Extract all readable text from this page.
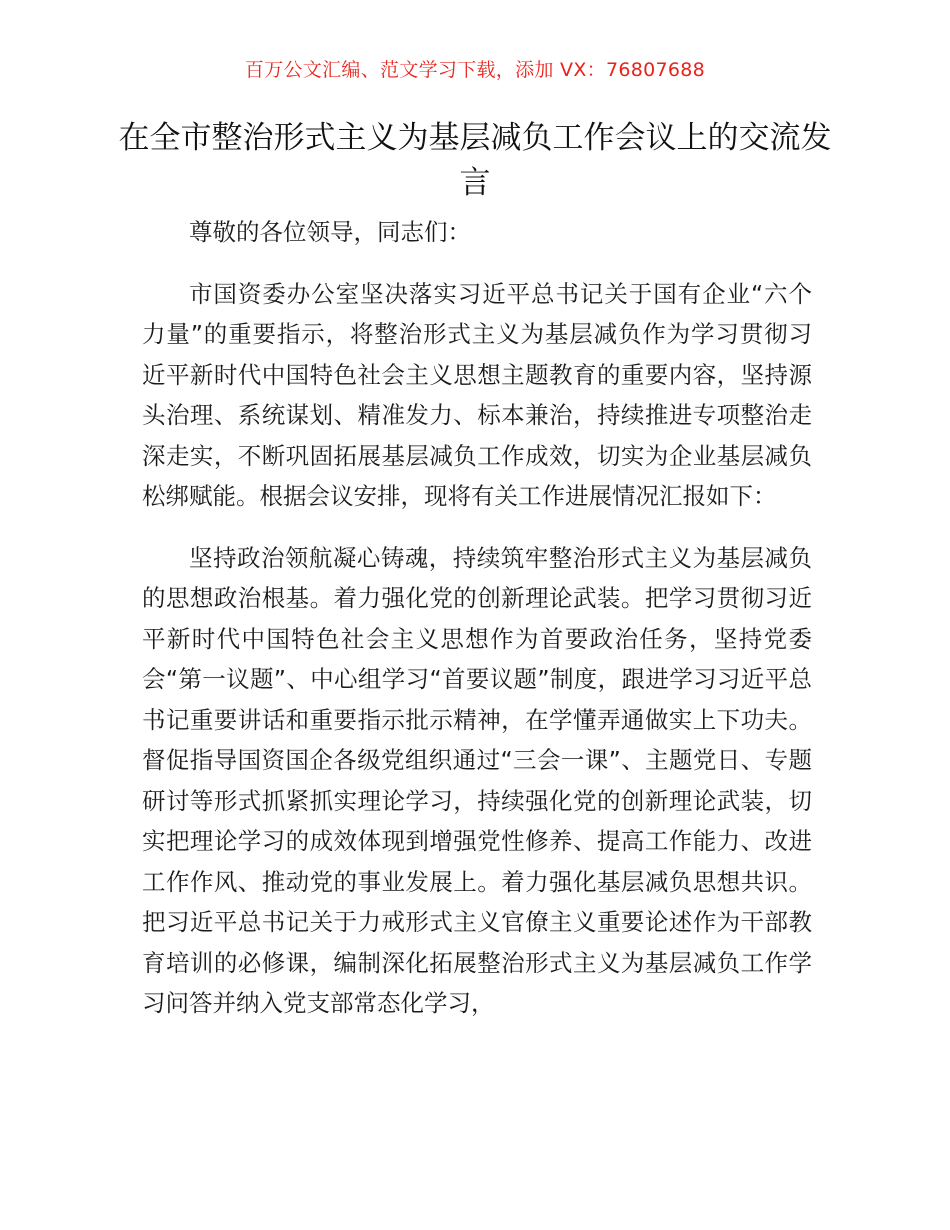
百万公文汇编、范文学习下载，添加 VX：76807688
在全市整治形式主义为基层减负工作会议上的交流发言

尊敬的各位领导，同志们：

市国资委办公室坚决落实习近平总书记关于国有企业“六个力量”的重要指示，将整治形式主义为基层减负作为学习贯彻习近平新时代中国特色社会主义思想主题教育的重要内容，坚持源头治理、系统谋划、精准发力、标本兼治，持续推进专项整治走深走实，不断巩固拓展基层减负工作成效，切实为企业基层减负松绑赋能。根据会议安排，现将有关工作进展情况汇报如下：

坚持政治领航凝心铸魂，持续筑牢整治形式主义为基层减负的思想政治根基。着力强化党的创新理论武装。把学习贯彻习近平新时代中国特色社会主义思想作为首要政治任务，坚持党委会“第一议题”、中心组学习“首要议题”制度，跟进学习习近平总书记重要讲话和重要指示批示精神，在学懂弄通做实上下功夫。督促指导国资国企各级党组织通过“三会一课”、主题党日、专题研讨等形式抓紧抓实理论学习，持续强化党的创新理论武装，切实把理论学习的成效体现到增强党性修养、提高工作能力、改进工作作风、推动党的事业发展上。着力强化基层减负思想共识。把习近平总书记关于力戒形式主义官僚主义重要论述作为干部教育培训的必修课，编制深化拓展整治形式主义为基层减负工作学习问答并纳入党支部常态化学习，
